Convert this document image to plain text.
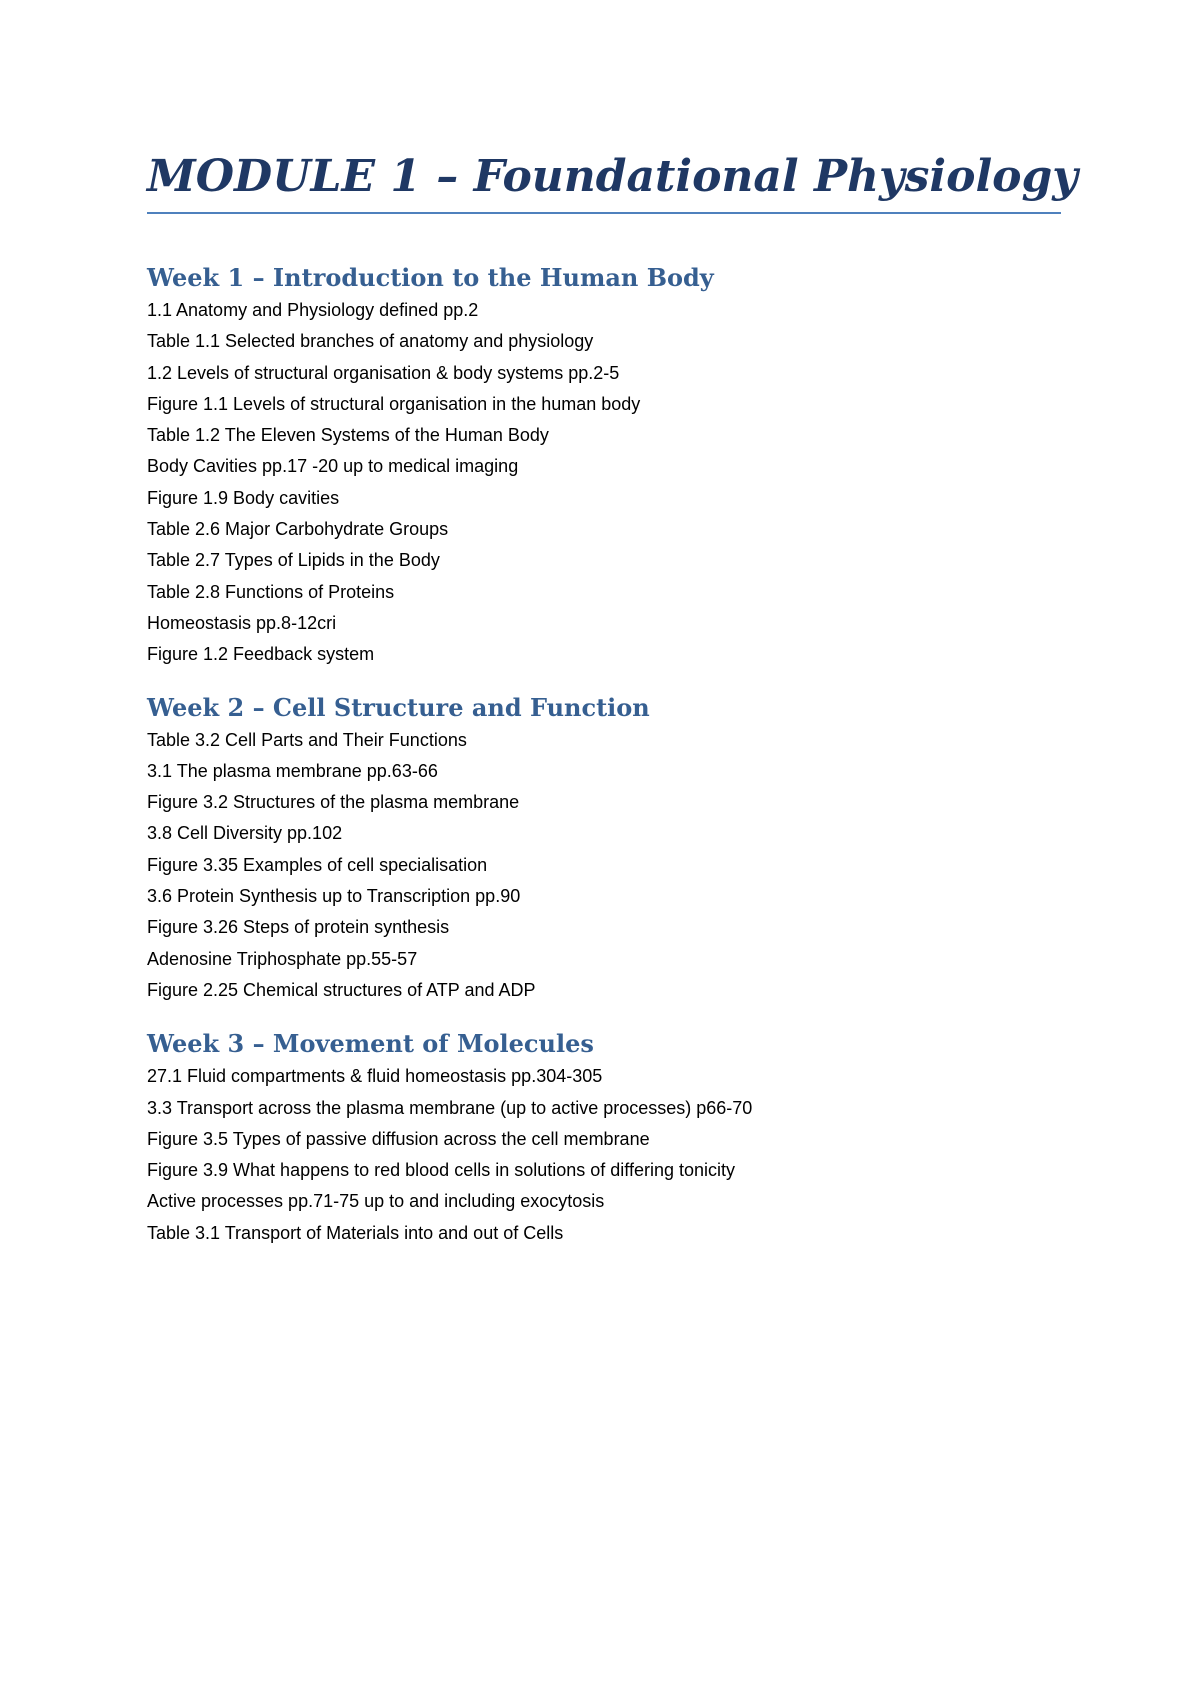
MODULE 1 – Foundational Physiology
Week 1 – Introduction to the Human Body
1.1 Anatomy and Physiology defined pp.2
Table 1.1 Selected branches of anatomy and physiology
1.2 Levels of structural organisation & body systems pp.2-5
Figure 1.1 Levels of structural organisation in the human body
Table 1.2 The Eleven Systems of the Human Body
Body Cavities pp.17 -20 up to medical imaging
Figure 1.9 Body cavities
Table 2.6 Major Carbohydrate Groups
Table 2.7 Types of Lipids in the Body
Table 2.8 Functions of Proteins
Homeostasis pp.8-12cri
Figure 1.2 Feedback system
Week 2 – Cell Structure and Function
Table 3.2 Cell Parts and Their Functions
3.1 The plasma membrane pp.63-66
Figure 3.2 Structures of the plasma membrane
3.8 Cell Diversity pp.102
Figure 3.35 Examples of cell specialisation
3.6 Protein Synthesis up to Transcription pp.90
Figure 3.26 Steps of protein synthesis
Adenosine Triphosphate pp.55-57
Figure 2.25 Chemical structures of ATP and ADP
Week 3 – Movement of Molecules
27.1 Fluid compartments & fluid homeostasis pp.304-305
3.3 Transport across the plasma membrane (up to active processes) p66-70
Figure 3.5 Types of passive diffusion across the cell membrane
Figure 3.9 What happens to red blood cells in solutions of differing tonicity
Active processes pp.71-75 up to and including exocytosis
Table 3.1 Transport of Materials into and out of Cells
